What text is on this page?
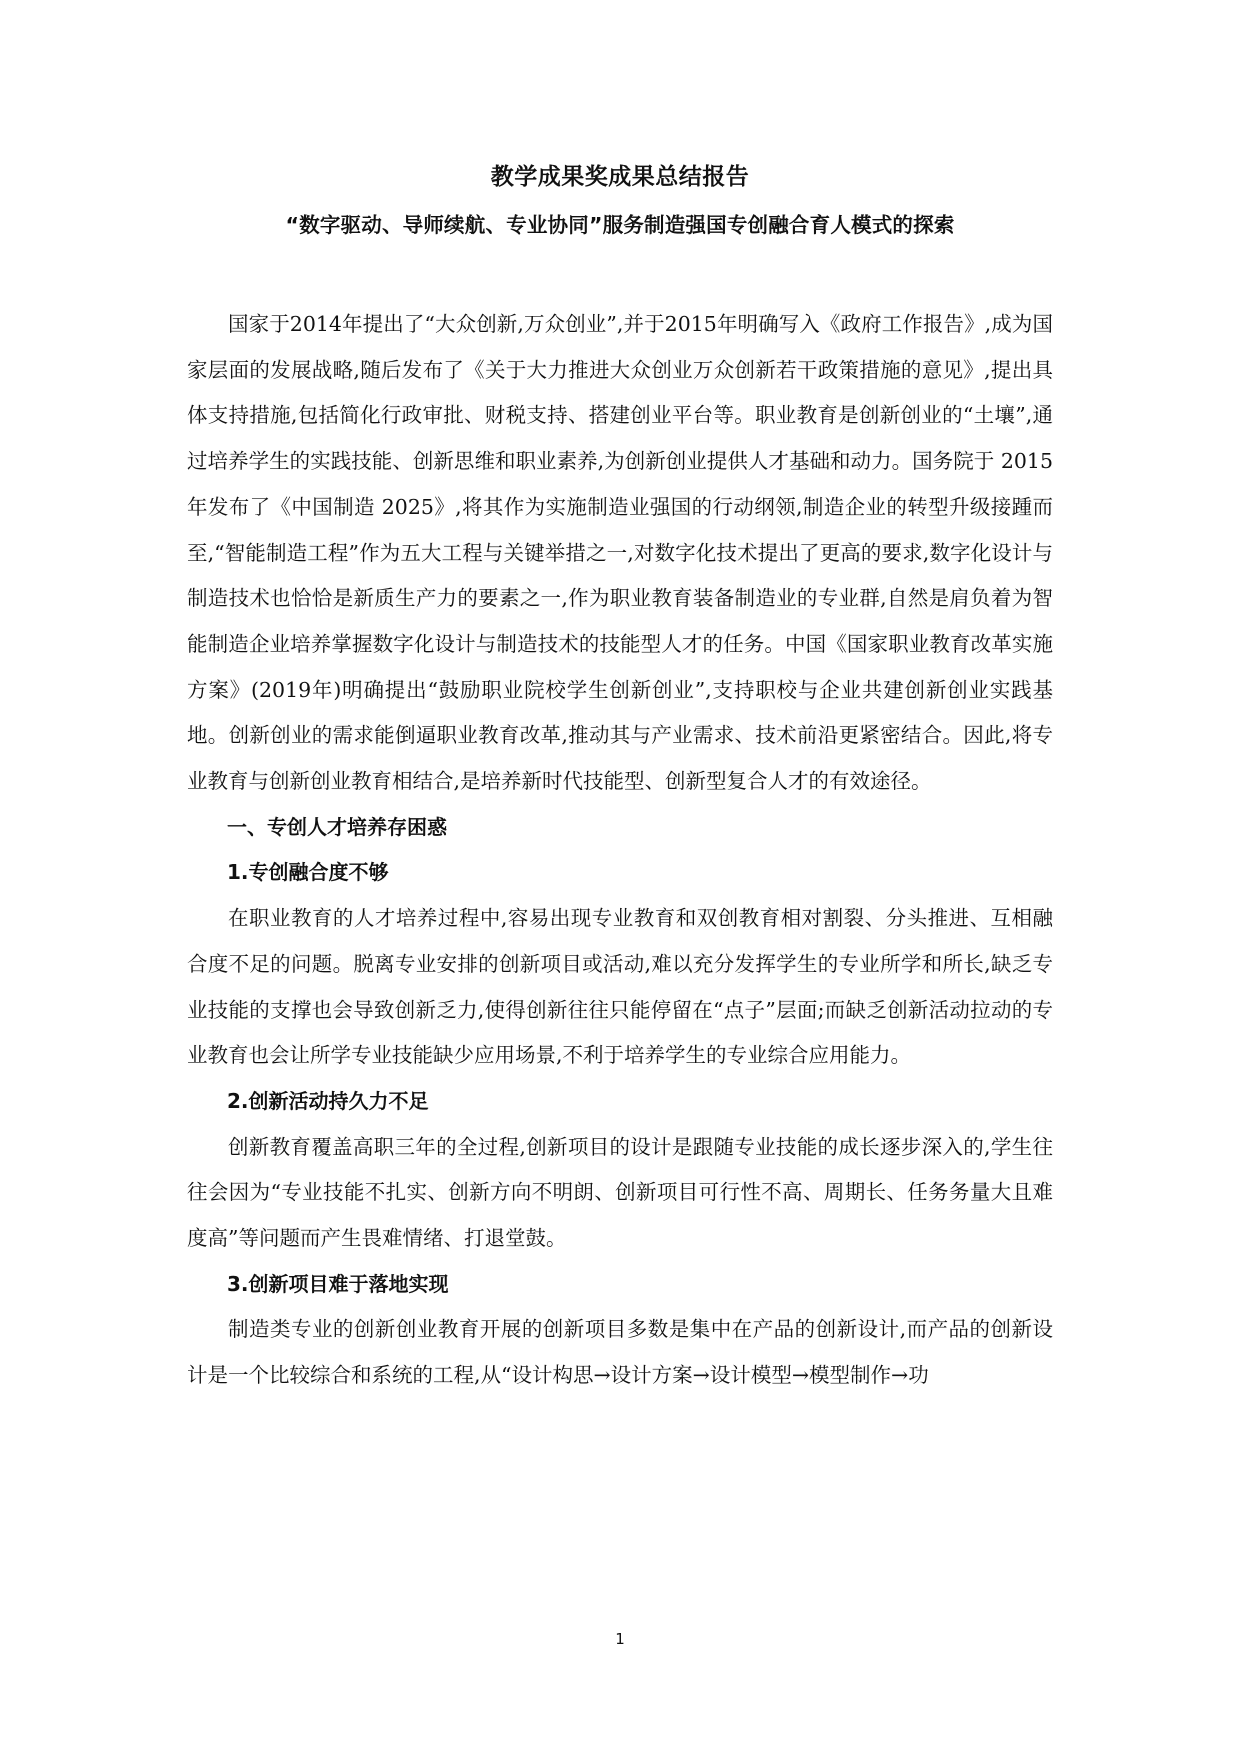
教学成果奖成果总结报告
“数字驱动、导师续航、专业协同”服务制造强国专创融合育人模式的探索

国家于2014年提出了“大众创新,万众创业”,并于2015年明确写入《政府工作报告》,成为国家层面的发展战略,随后发布了《关于大力推进大众创业万众创新若干政策措施的意见》,提出具体支持措施,包括简化行政审批、财税支持、搭建创业平台等。职业教育是创新创业的“土壤”,通过培养学生的实践技能、创新思维和职业素养,为创新创业提供人才基础和动力。国务院于 2015 年发布了《中国制造 2025》,将其作为实施制造业强国的行动纲领,制造企业的转型升级接踵而至,“智能制造工程”作为五大工程与关键举措之一,对数字化技术提出了更高的要求,数字化设计与制造技术也恰恰是新质生产力的要素之一,作为职业教育装备制造业的专业群,自然是肩负着为智能制造企业培养掌握数字化设计与制造技术的技能型人才的任务。中国《国家职业教育改革实施方案》(2019年)明确提出“鼓励职业院校学生创新创业”,支持职校与企业共建创新创业实践基地。创新创业的需求能倒逼职业教育改革,推动其与产业需求、技术前沿更紧密结合。因此,将专业教育与创新创业教育相结合,是培养新时代技能型、创新型复合人才的有效途径。

一、专创人才培养存困惑

1.专创融合度不够

在职业教育的人才培养过程中,容易出现专业教育和双创教育相对割裂、分头推进、互相融合度不足的问题。脱离专业安排的创新项目或活动,难以充分发挥学生的专业所学和所长,缺乏专业技能的支撑也会导致创新乏力,使得创新往往只能停留在“点子”层面;而缺乏创新活动拉动的专业教育也会让所学专业技能缺少应用场景,不利于培养学生的专业综合应用能力。

2.创新活动持久力不足

创新教育覆盖高职三年的全过程,创新项目的设计是跟随专业技能的成长逐步深入的,学生往往会因为“专业技能不扎实、创新方向不明朗、创新项目可行性不高、周期长、任务务量大且难度高”等问题而产生畏难情绪、打退堂鼓。

3.创新项目难于落地实现

制造类专业的创新创业教育开展的创新项目多数是集中在产品的创新设计,而产品的创新设计是一个比较综合和系统的工程,从“设计构思→设计方案→设计模型→模型制作→功

1
